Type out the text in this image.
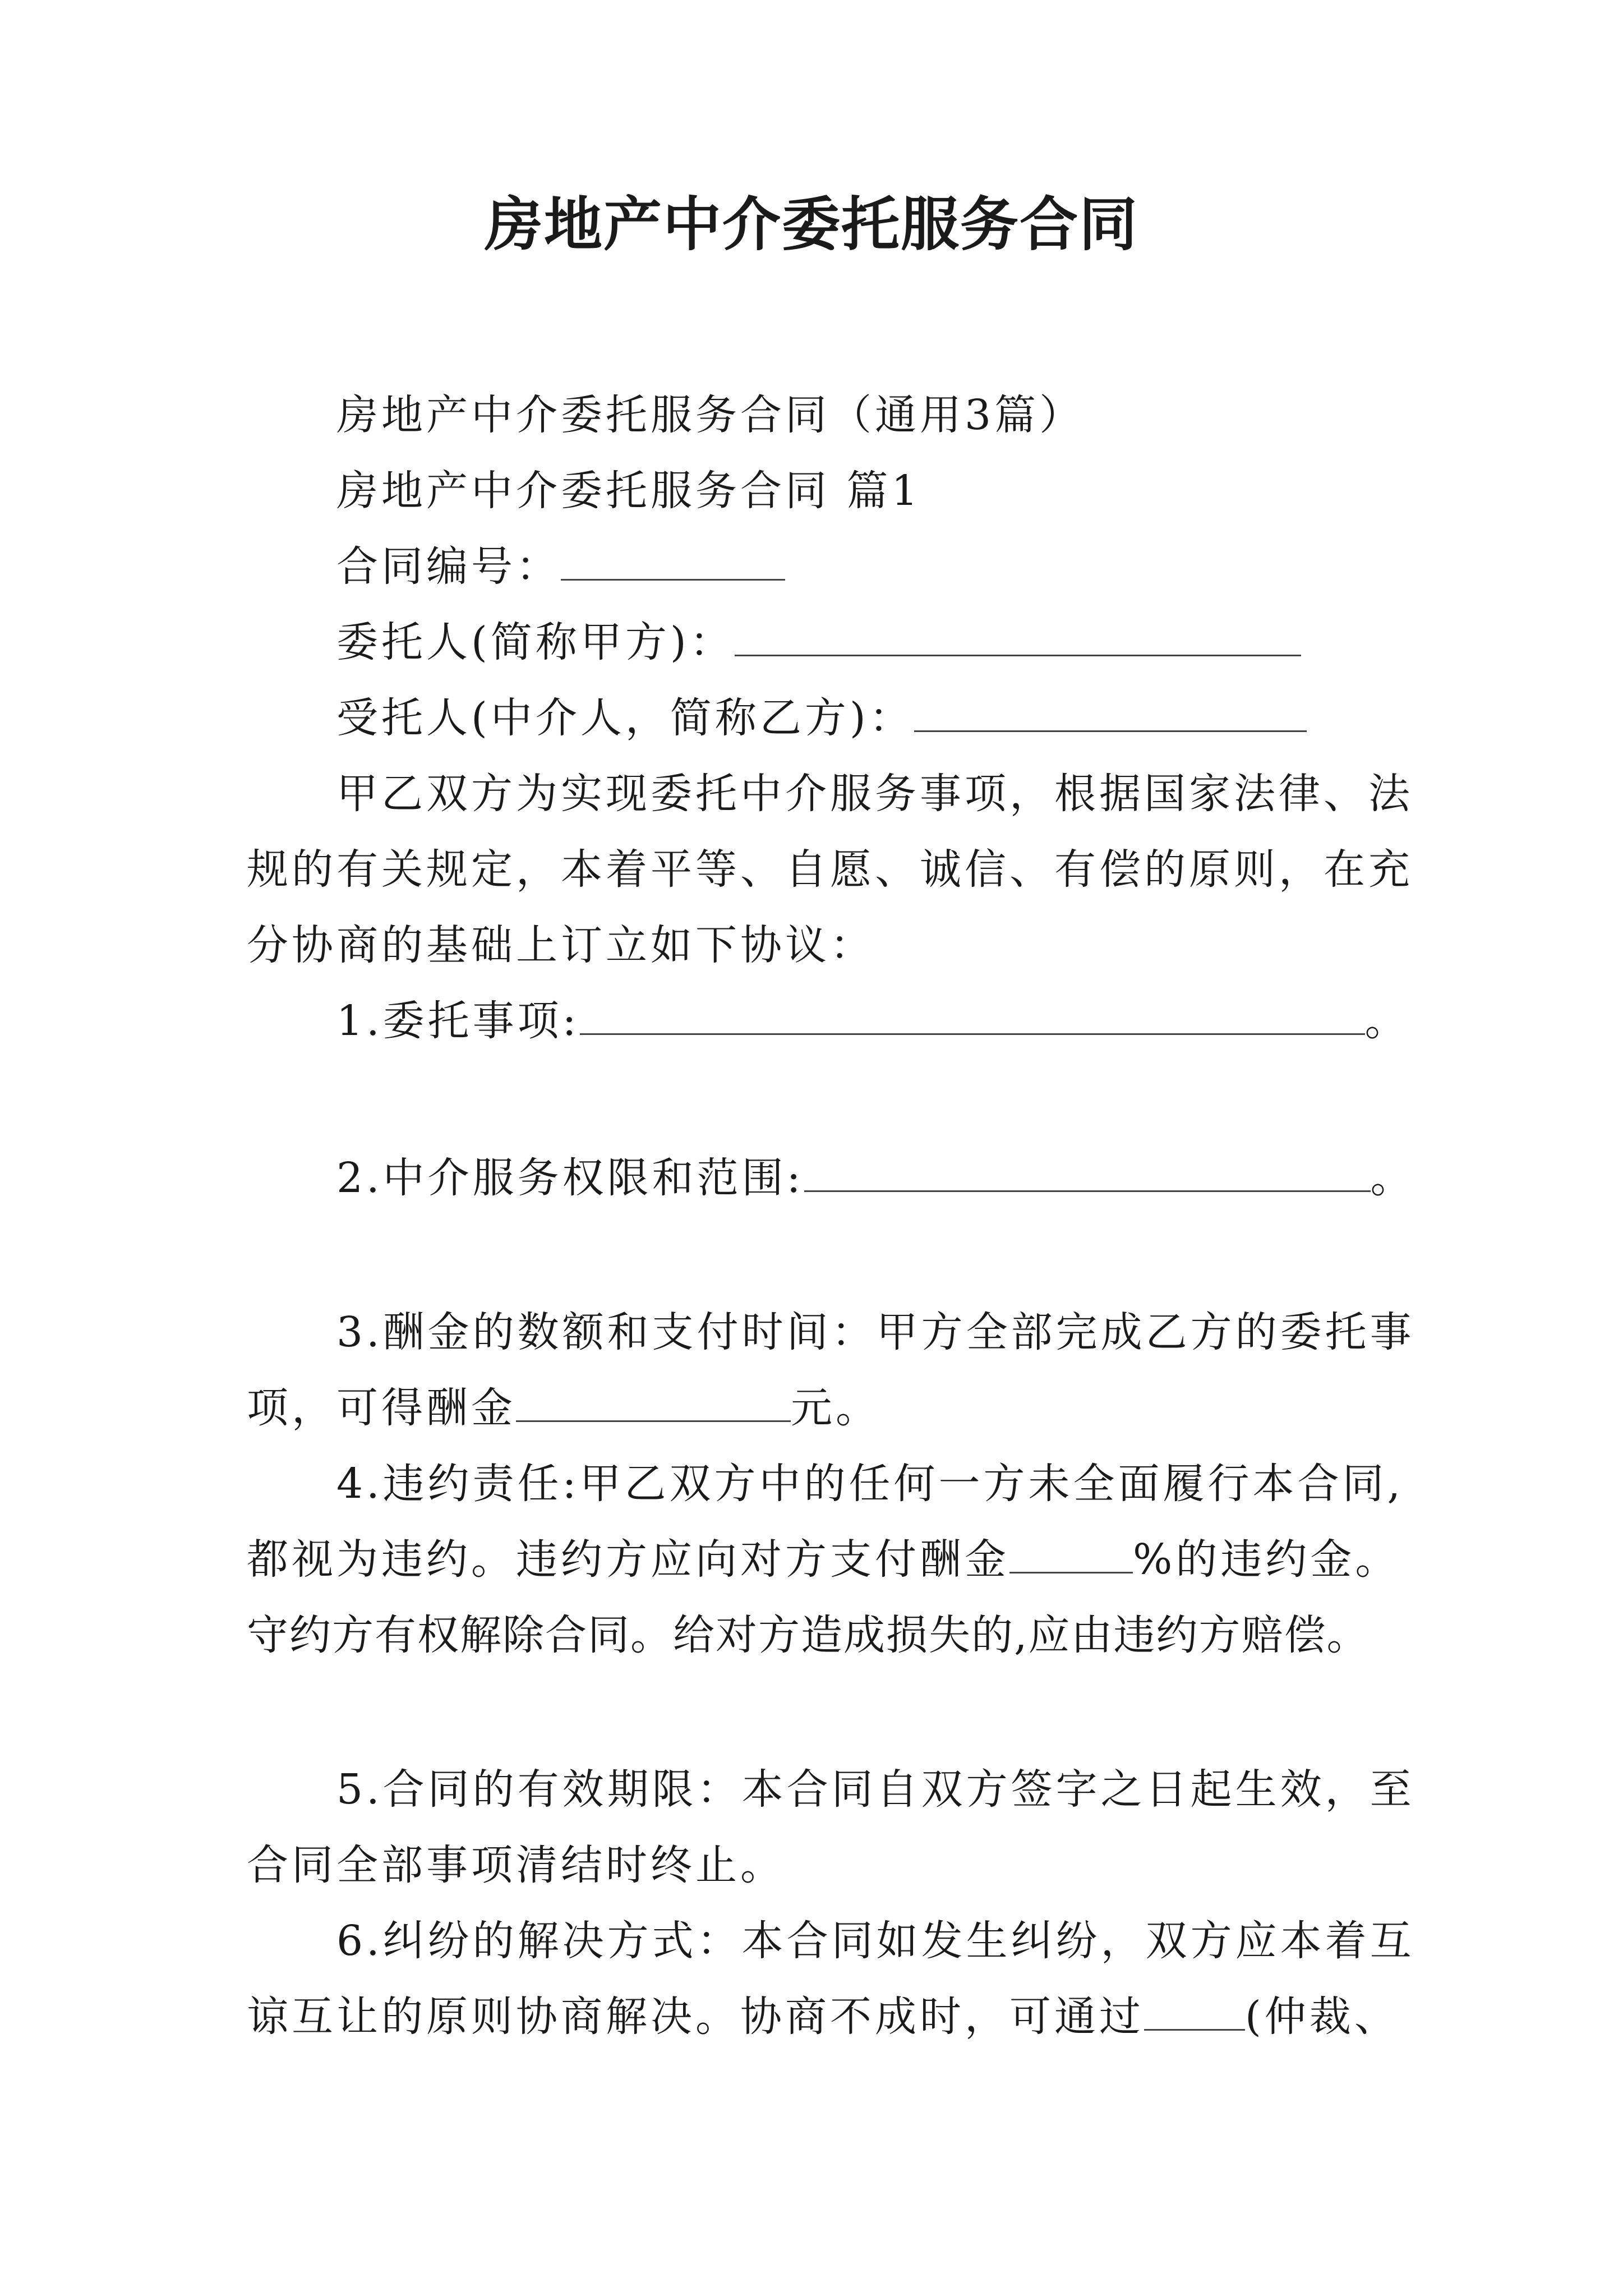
房地产中介委托服务合同
房地产中介委托服务合同（通用3篇）
房地产中介委托服务合同 篇1
合同编号：
委托人(简称甲方)：
受托人(中介人，简称乙方)：
甲乙双方为实现委托中介服务事项，根据国家法律、法
规的有关规定，本着平等、自愿、诚信、有偿的原则，在充
分协商的基础上订立如下协议：
1.委托事项:	。
2.中介服务权限和范围:	。
3.酬金的数额和支付时间：甲方全部完成乙方的委托事
项，可得酬金	元。
4.违约责任:甲乙双方中的任何一方未全面履行本合同,
都视为违约。违约方应向对方支付酬金	%的违约金。
守约方有权解除合同。给对方造成损失的,应由违约方赔偿。
5.合同的有效期限：本合同自双方签字之日起生效，至
合同全部事项清结时终止。
6.纠纷的解决方式：本合同如发生纠纷，双方应本着互
谅互让的原则协商解决。协商不成时，可通过 (仲裁、
